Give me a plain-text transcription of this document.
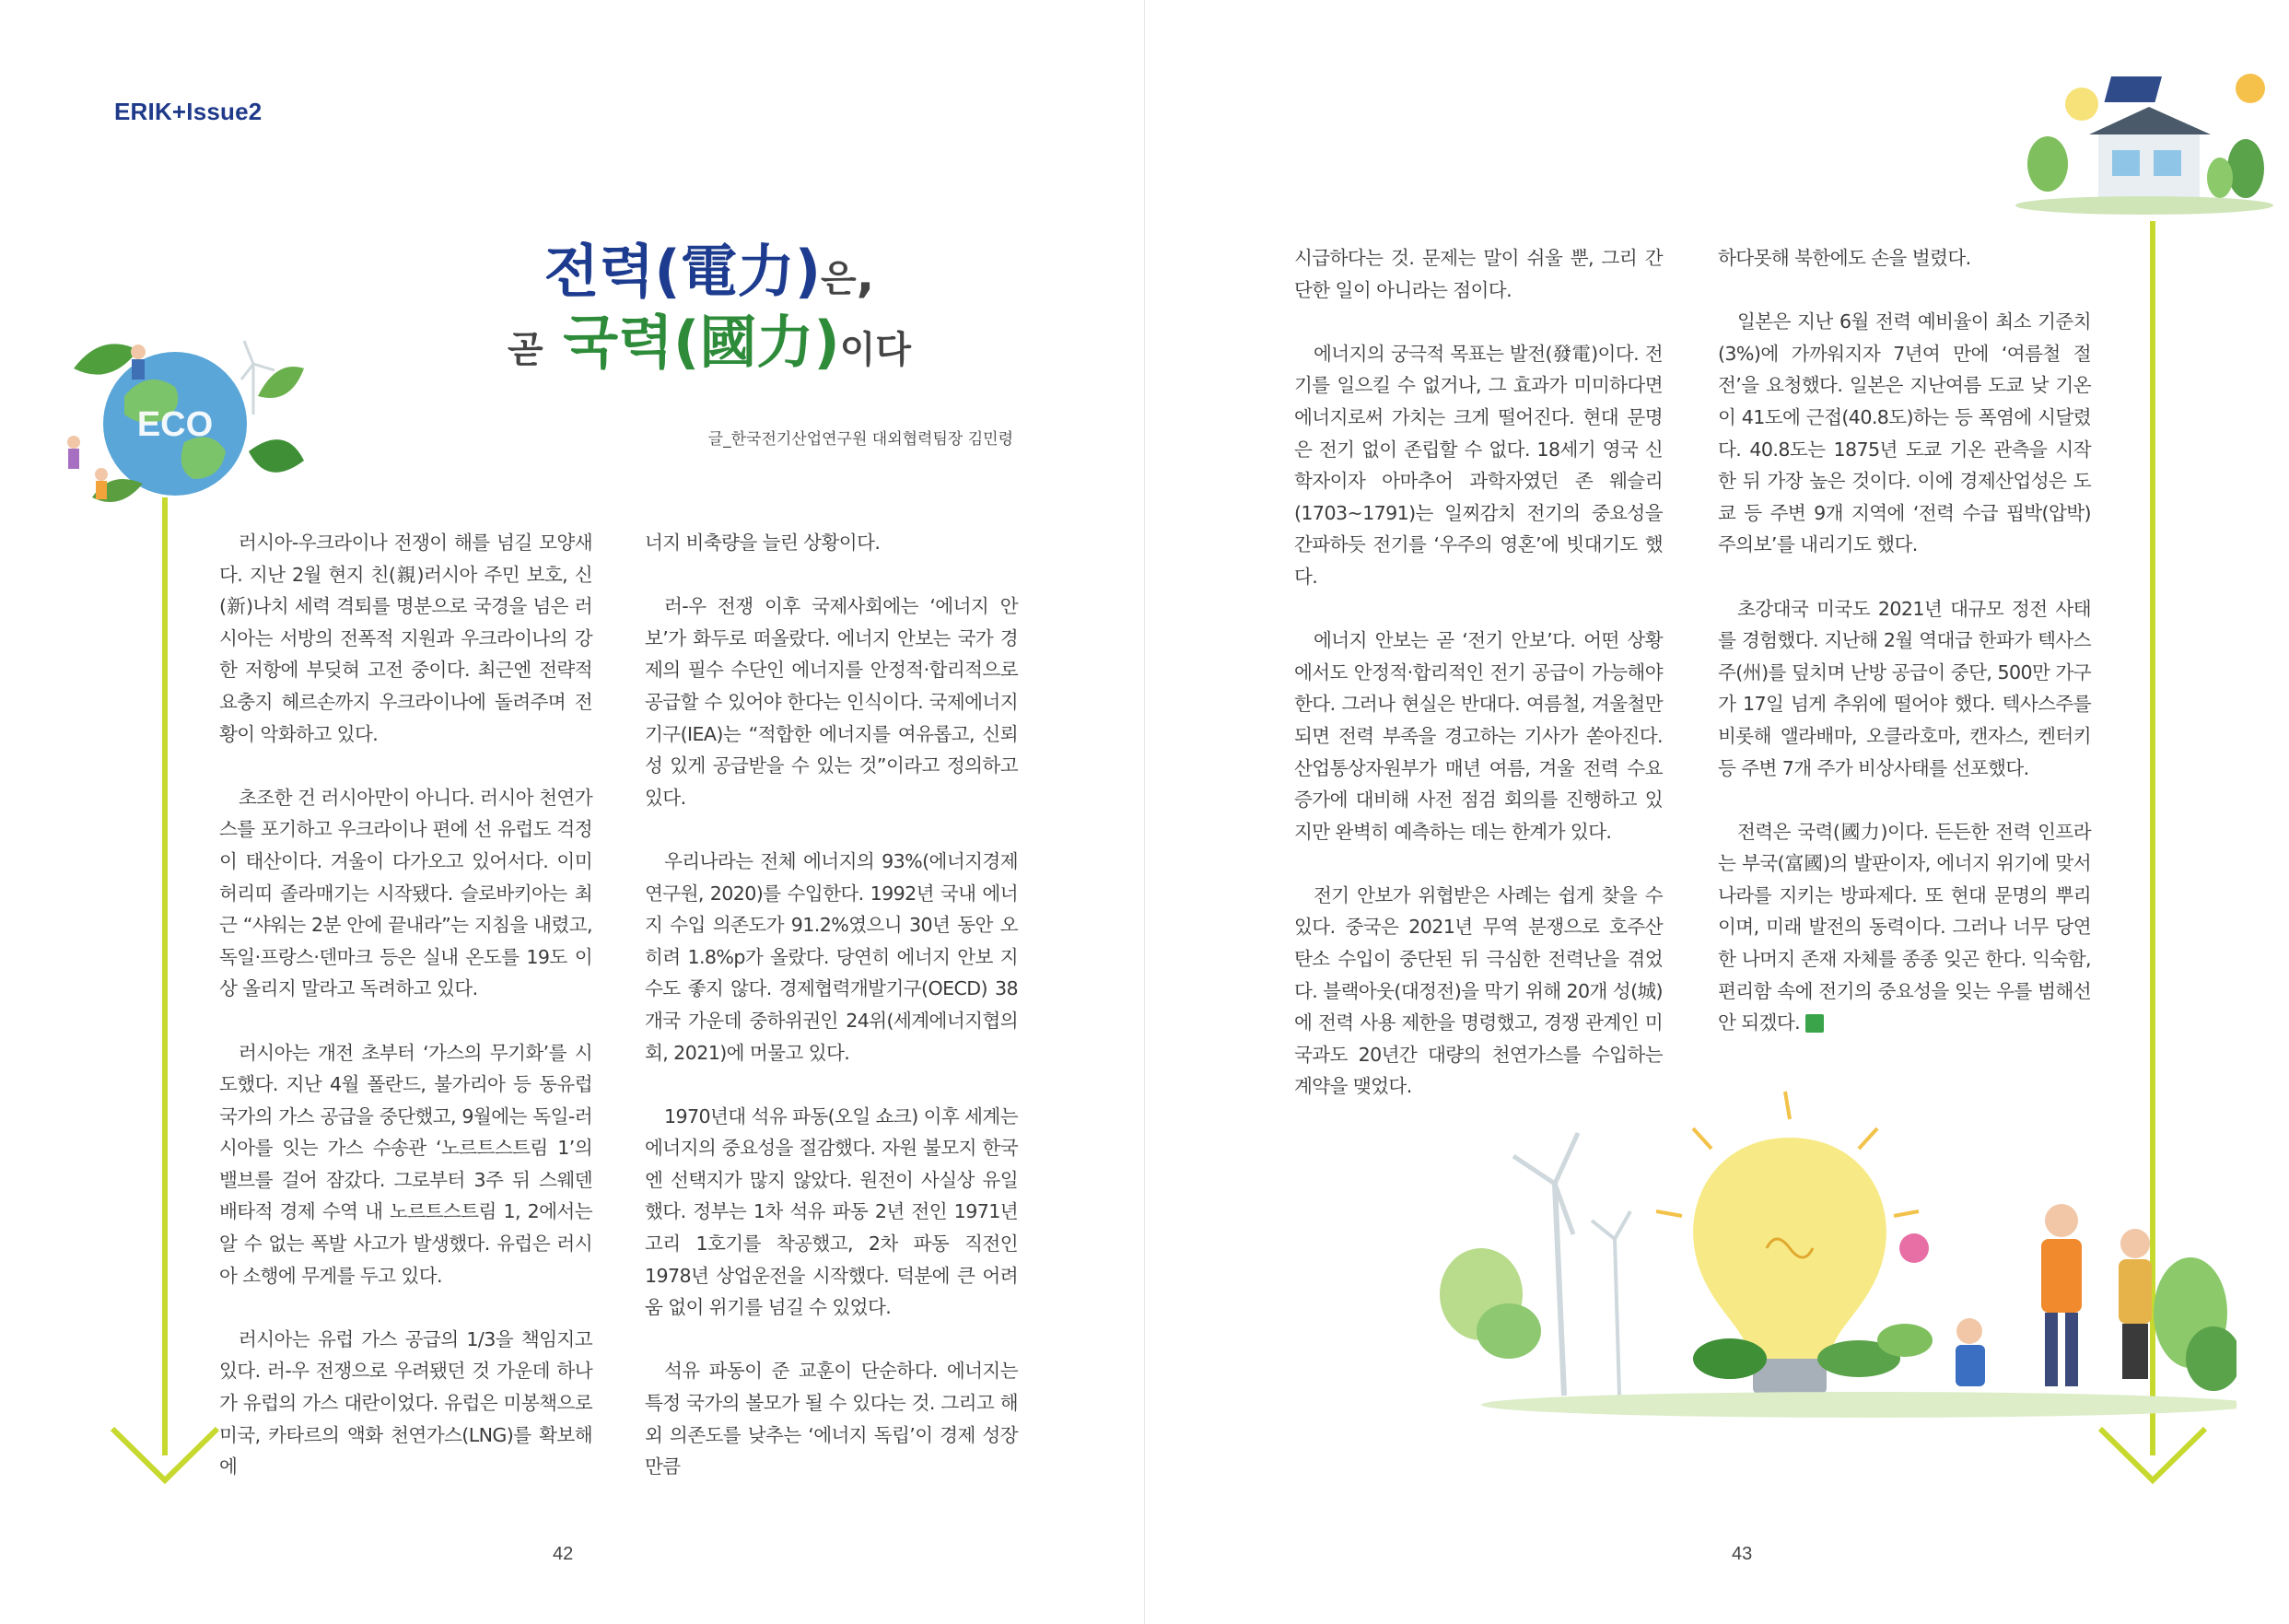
ERIK+Issue2
ECO
전력(電力)은,
곧 국력(國力)이다
글_한국전기산업연구원 대외협력팀장 김민령

러시아-우크라이나 전쟁이 해를 넘길 모양새다. 지난 2월 현지 친(親)러시아 주민 보호, 신(新)나치 세력 격퇴를 명분으로 국경을 넘은 러시아는 서방의 전폭적 지원과 우크라이나의 강한 저항에 부딪혀 고전 중이다. 최근엔 전략적 요충지 헤르손까지 우크라이나에 돌려주며 전황이 악화하고 있다.

초조한 건 러시아만이 아니다. 러시아 천연가스를 포기하고 우크라이나 편에 선 유럽도 걱정이 태산이다. 겨울이 다가오고 있어서다. 이미 허리띠 졸라매기는 시작됐다. 슬로바키아는 최근 “샤워는 2분 안에 끝내라”는 지침을 내렸고, 독일·프랑스·덴마크 등은 실내 온도를 19도 이상 올리지 말라고 독려하고 있다.

러시아는 개전 초부터 ‘가스의 무기화’를 시도했다. 지난 4월 폴란드, 불가리아 등 동유럽 국가의 가스 공급을 중단했고, 9월에는 독일-러시아를 잇는 가스 수송관 ‘노르트스트림 1’의 밸브를 걸어 잠갔다. 그로부터 3주 뒤 스웨덴 배타적 경제 수역 내 노르트스트림 1, 2에서는 알 수 없는 폭발 사고가 발생했다. 유럽은 러시아 소행에 무게를 두고 있다.

러시아는 유럽 가스 공급의 1/3을 책임지고 있다. 러-우 전쟁으로 우려됐던 것 가운데 하나가 유럽의 가스 대란이었다. 유럽은 미봉책으로 미국, 카타르의 액화 천연가스(LNG)를 확보해 에

너지 비축량을 늘린 상황이다.

러-우 전쟁 이후 국제사회에는 ‘에너지 안보’가 화두로 떠올랐다. 에너지 안보는 국가 경제의 필수 수단인 에너지를 안정적·합리적으로 공급할 수 있어야 한다는 인식이다. 국제에너지기구(IEA)는 “적합한 에너지를 여유롭고, 신뢰성 있게 공급받을 수 있는 것”이라고 정의하고 있다.

우리나라는 전체 에너지의 93%(에너지경제연구원, 2020)를 수입한다. 1992년 국내 에너지 수입 의존도가 91.2%였으니 30년 동안 오히려 1.8%p가 올랐다. 당연히 에너지 안보 지수도 좋지 않다. 경제협력개발기구(OECD) 38개국 가운데 중하위권인 24위(세계에너지협의회, 2021)에 머물고 있다.

1970년대 석유 파동(오일 쇼크) 이후 세계는 에너지의 중요성을 절감했다. 자원 불모지 한국엔 선택지가 많지 않았다. 원전이 사실상 유일했다. 정부는 1차 석유 파동 2년 전인 1971년 고리 1호기를 착공했고, 2차 파동 직전인 1978년 상업운전을 시작했다. 덕분에 큰 어려움 없이 위기를 넘길 수 있었다.

석유 파동이 준 교훈이 단순하다. 에너지는 특정 국가의 볼모가 될 수 있다는 것. 그리고 해외 의존도를 낮추는 ‘에너지 독립’이 경제 성장만큼

42

시급하다는 것. 문제는 말이 쉬울 뿐, 그리 간단한 일이 아니라는 점이다.

에너지의 궁극적 목표는 발전(發電)이다. 전기를 일으킬 수 없거나, 그 효과가 미미하다면 에너지로써 가치는 크게 떨어진다. 현대 문명은 전기 없이 존립할 수 없다. 18세기 영국 신학자이자 아마추어 과학자였던 존 웨슬리(1703~1791)는 일찌감치 전기의 중요성을 간파하듯 전기를 ‘우주의 영혼’에 빗대기도 했다.

에너지 안보는 곧 ‘전기 안보’다. 어떤 상황에서도 안정적·합리적인 전기 공급이 가능해야 한다. 그러나 현실은 반대다. 여름철, 겨울철만 되면 전력 부족을 경고하는 기사가 쏟아진다. 산업통상자원부가 매년 여름, 겨울 전력 수요 증가에 대비해 사전 점검 회의를 진행하고 있지만 완벽히 예측하는 데는 한계가 있다.

전기 안보가 위협받은 사례는 쉽게 찾을 수 있다. 중국은 2021년 무역 분쟁으로 호주산 탄소 수입이 중단된 뒤 극심한 전력난을 겪었다. 블랙아웃(대정전)을 막기 위해 20개 성(城)에 전력 사용 제한을 명령했고, 경쟁 관계인 미국과도 20년간 대량의 천연가스를 수입하는 계약을 맺었다.

하다못해 북한에도 손을 벌렸다.

일본은 지난 6월 전력 예비율이 최소 기준치(3%)에 가까워지자 7년여 만에 ‘여름철 절전’을 요청했다. 일본은 지난여름 도쿄 낮 기온이 41도에 근접(40.8도)하는 등 폭염에 시달렸다. 40.8도는 1875년 도쿄 기온 관측을 시작한 뒤 가장 높은 것이다. 이에 경제산업성은 도쿄 등 주변 9개 지역에 ‘전력 수급 핍박(압박) 주의보’를 내리기도 했다.

초강대국 미국도 2021년 대규모 정전 사태를 경험했다. 지난해 2월 역대급 한파가 텍사스주(州)를 덮치며 난방 공급이 중단, 500만 가구가 17일 넘게 추위에 떨어야 했다. 텍사스주를 비롯해 앨라배마, 오클라호마, 캔자스, 켄터키 등 주변 7개 주가 비상사태를 선포했다.

전력은 국력(國力)이다. 든든한 전력 인프라는 부국(富國)의 발판이자, 에너지 위기에 맞서 나라를 지키는 방파제다. 또 현대 문명의 뿌리이며, 미래 발전의 동력이다. 그러나 너무 당연한 나머지 존재 자체를 종종 잊곤 한다. 익숙함, 편리함 속에 전기의 중요성을 잊는 우를 범해선 안 되겠다. E

43
